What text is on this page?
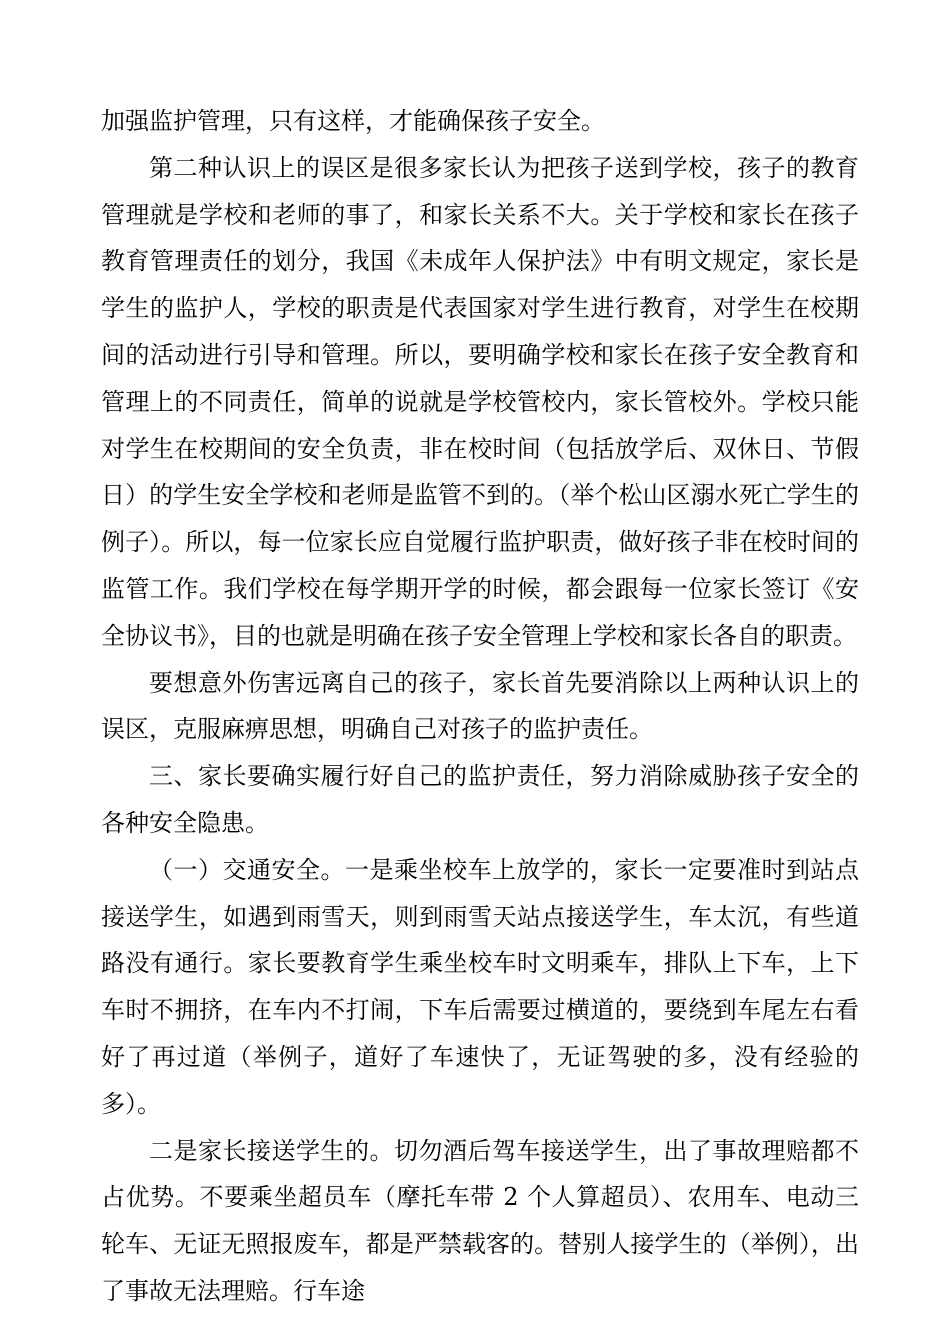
加强监护管理，只有这样，才能确保孩子安全。

第二种认识上的误区是很多家长认为把孩子送到学校，孩子的教育管理就是学校和老师的事了，和家长关系不大。关于学校和家长在孩子教育管理责任的划分，我国《未成年人保护法》中有明文规定，家长是学生的监护人，学校的职责是代表国家对学生进行教育，对学生在校期间的活动进行引导和管理。所以，要明确学校和家长在孩子安全教育和管理上的不同责任，简单的说就是学校管校内，家长管校外。学校只能对学生在校期间的安全负责，非在校时间（包括放学后、双休日、节假日）的学生安全学校和老师是监管不到的。（举个松山区溺水死亡学生的例子）。所以，每一位家长应自觉履行监护职责，做好孩子非在校时间的监管工作。我们学校在每学期开学的时候，都会跟每一位家长签订《安全协议书》，目的也就是明确在孩子安全管理上学校和家长各自的职责。

要想意外伤害远离自己的孩子，家长首先要消除以上两种认识上的误区，克服麻痹思想，明确自己对孩子的监护责任。

三、家长要确实履行好自己的监护责任，努力消除威胁孩子安全的各种安全隐患。

（一）交通安全。一是乘坐校车上放学的，家长一定要准时到站点接送学生，如遇到雨雪天，则到雨雪天站点接送学生，车太沉，有些道路没有通行。家长要教育学生乘坐校车时文明乘车，排队上下车，上下车时不拥挤，在车内不打闹，下车后需要过横道的，要绕到车尾左右看好了再过道（举例子，道好了车速快了，无证驾驶的多，没有经验的多）。

二是家长接送学生的。切勿酒后驾车接送学生，出了事故理赔都不占优势。不要乘坐超员车（摩托车带 2 个人算超员）、农用车、电动三轮车、无证无照报废车，都是严禁载客的。替别人接学生的（举例），出了事故无法理赔。行车途
